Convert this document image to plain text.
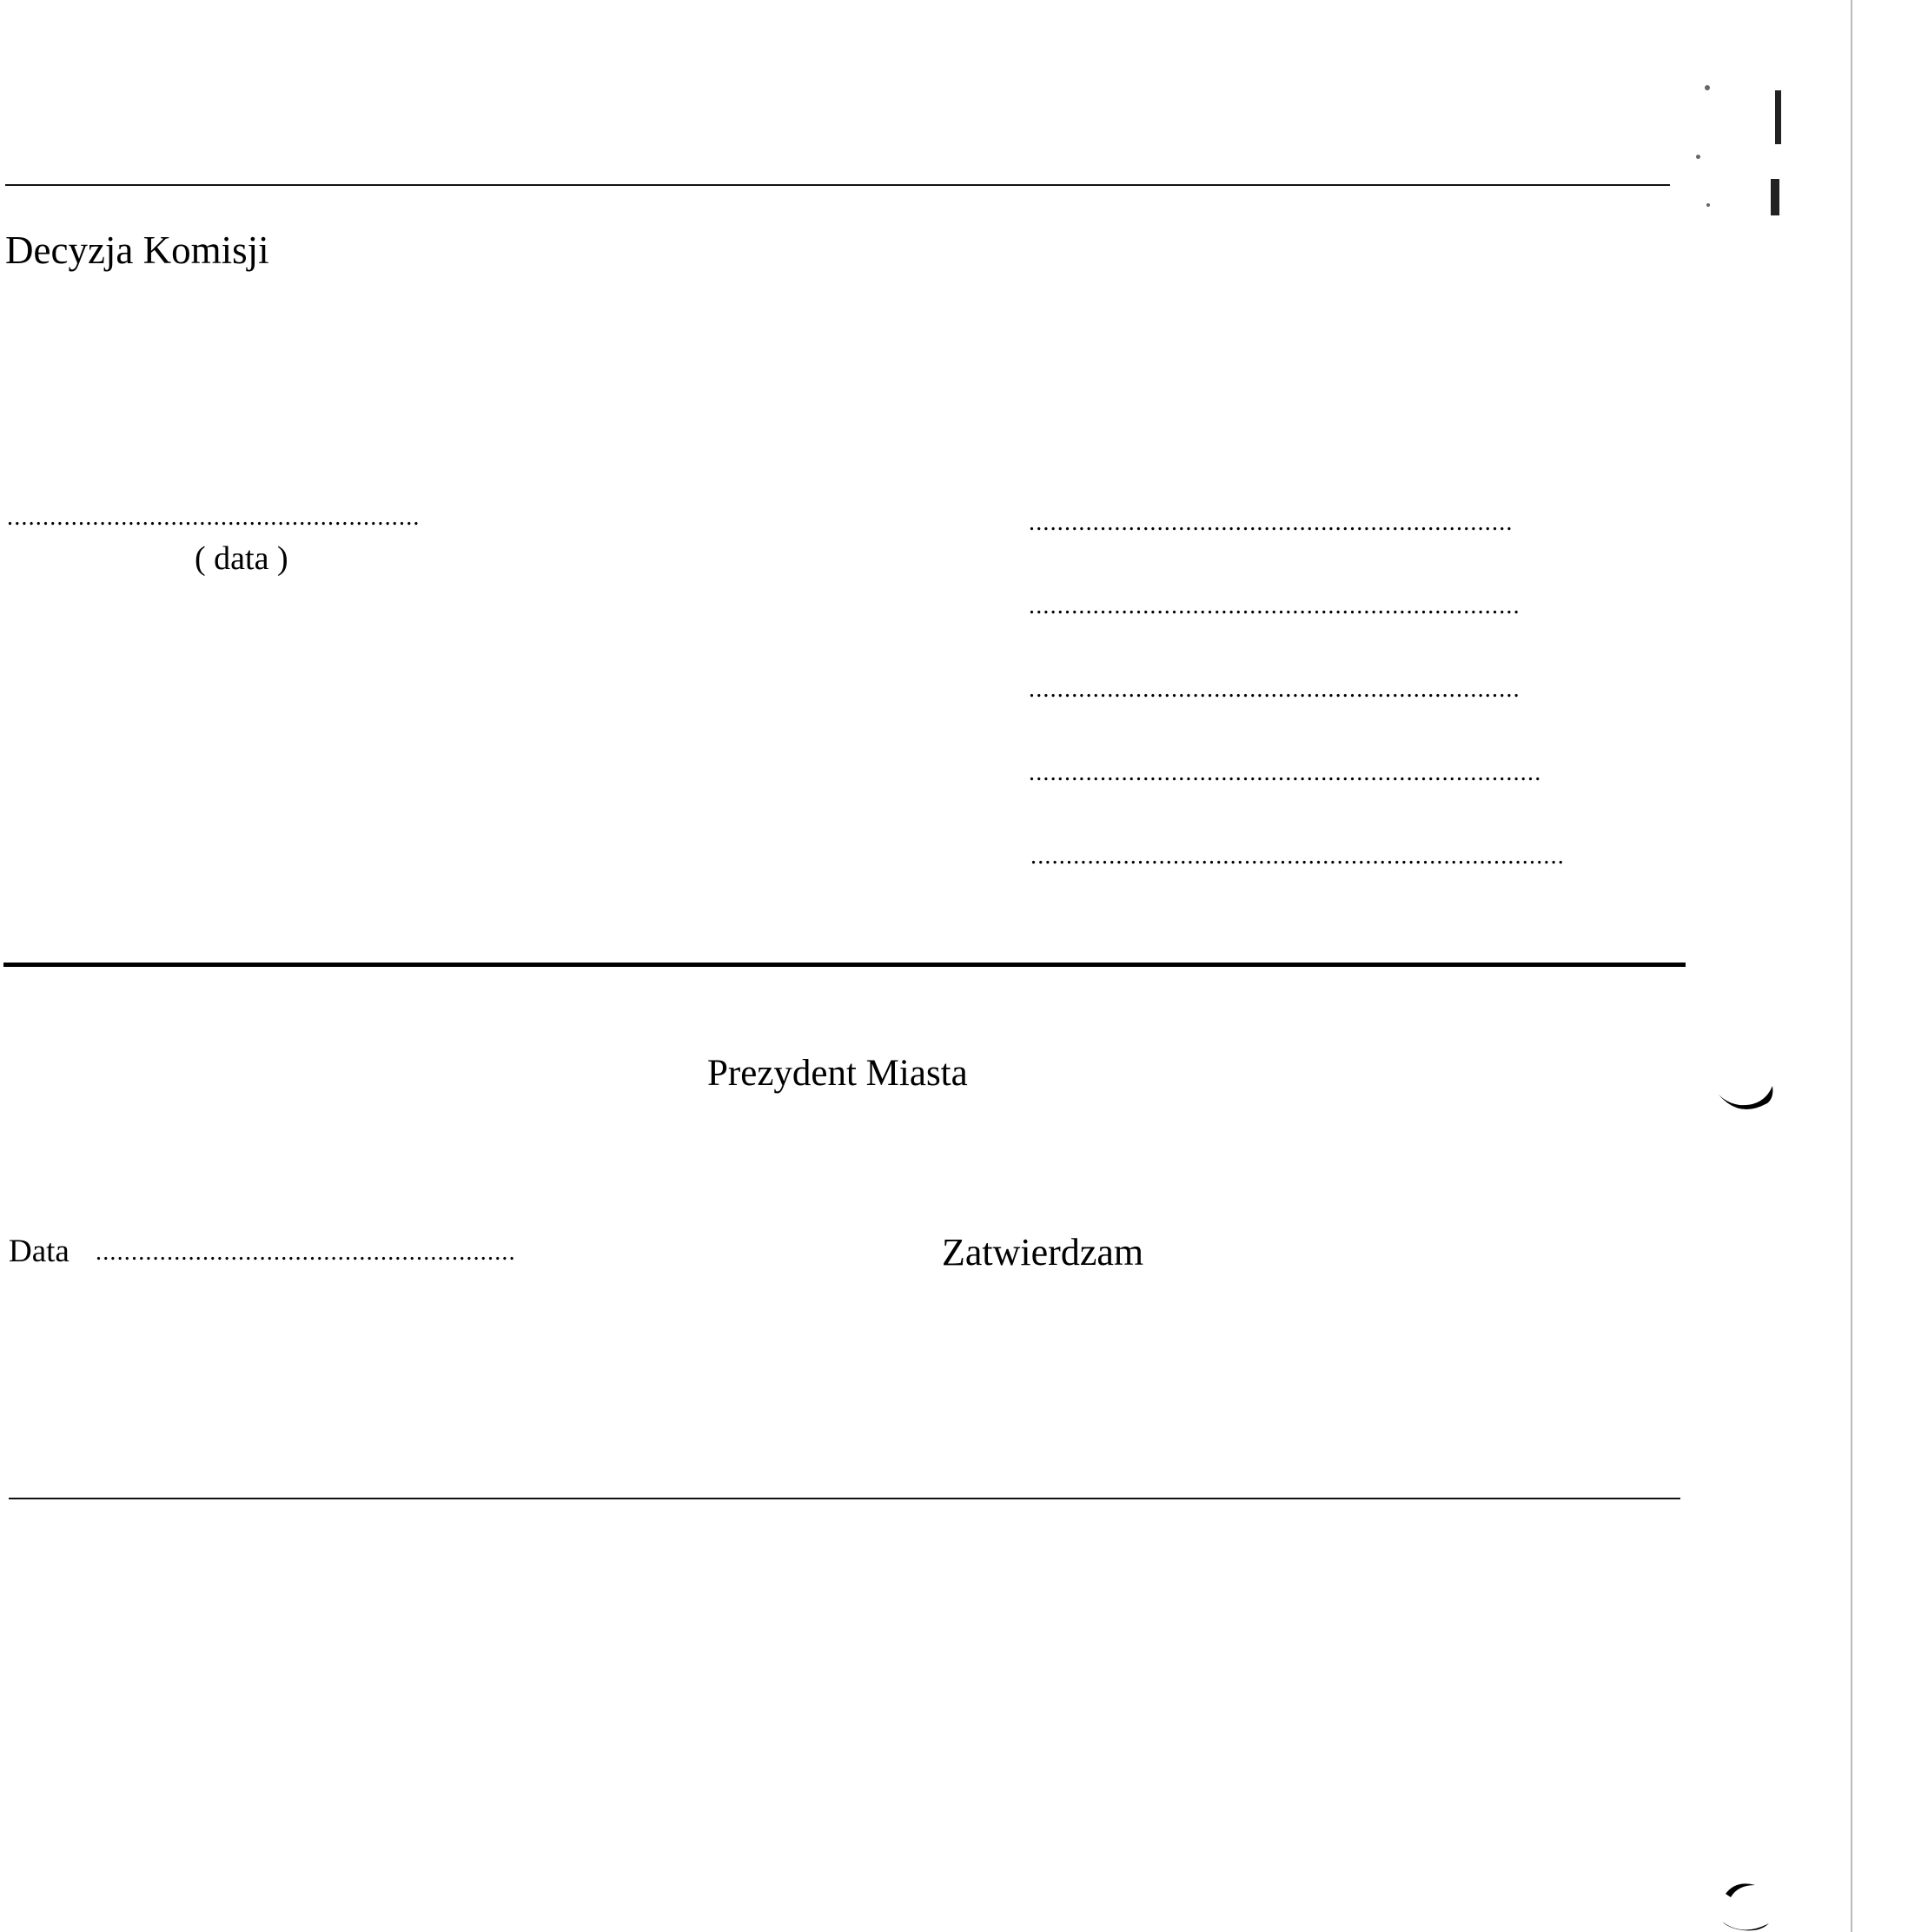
Decyzja Komisji
..........................................................
( data )
....................................................................
.....................................................................
.....................................................................
........................................................................
...........................................................................
Prezydent Miasta
Data ...........................................................	Zatwierdzam
